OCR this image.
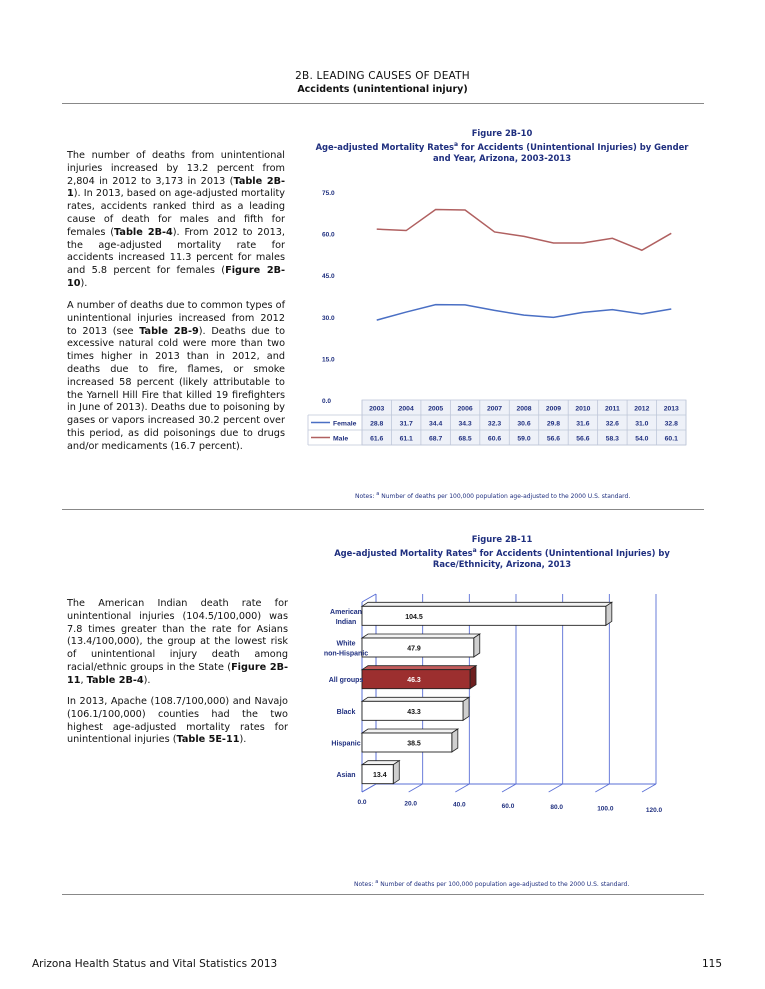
2B. LEADING CAUSES OF DEATH
Accidents (unintentional injury)

The number of deaths from unintentional injuries increased by 13.2 percent from 2,804 in 2012 to 3,173 in 2013 (Table 2B-1). In 2013, based on age-adjusted mortality rates, accidents ranked third as a leading cause of death for males and fifth for females (Table 2B-4). From 2012 to 2013, the age-adjusted mortality rate for accidents increased 11.3 percent for males and 5.8 percent for females (Figure 2B-10).

A number of deaths due to common types of unintentional injuries increased from 2012 to 2013 (see Table 2B-9). Deaths due to excessive natural cold were more than two times higher in 2013 than in 2012, and deaths due to fire, flames, or smoke increased 58 percent (likely attributable to the Yarnell Hill Fire that killed 19 firefighters in June of 2013). Deaths due to poisoning by gases or vapors increased 30.2 percent over this period, as did poisonings due to drugs and/or medicaments (16.7 percent).

Figure 2B-10
Age-adjusted Mortality Rates$^a$ for Accidents (Unintentional Injuries) by Gender and Year, Arizona, 2003-2013
0.0
15.0
30.0
45.0
60.0
75.0
2003 2004 2005 2006 2007 2008 2009 2010 2011 2012 2013
Female 28.8 31.7 34.4 34.3 32.3 30.6 29.8 31.6 32.6 31.0 32.8
Male	61.6 61.1 68.7 68.5 60.6 59.0 56.6 56.6 58.3 54.0 60.1
Notes: $^a$ Number of deaths per 100,000 population age-adjusted to the 2000 U.S. standard.

The American Indian death rate for unintentional injuries (104.5/100,000) was 7.8 times greater than the rate for Asians (13.4/100,000), the group at the lowest risk of unintentional injury death among racial/ethnic groups in the State (Figure 2B-11, Table 2B-4).

In 2013, Apache (108.7/100,000) and Navajo (106.1/100,000) counties had the two highest age-adjusted mortality rates for unintentional injuries (Table 5E-11).

Figure 2B-11
Age-adjusted Mortality Rates$^a$ for Accidents (Unintentional Injuries) by Race/Ethnicity, Arizona, 2013
0.0	20.0	40.0	60.0	80.0	100.0	120.0
104.5
American
Indian
47.9
White
non-Hispanic
46.3
All groups
43.3
Black
38.5
Hispanic
13.4
Asian
Notes: $^a$ Number of deaths per 100,000 population age-adjusted to the 2000 U.S. standard.
Arizona Health Status and Vital Statistics 2013	115
